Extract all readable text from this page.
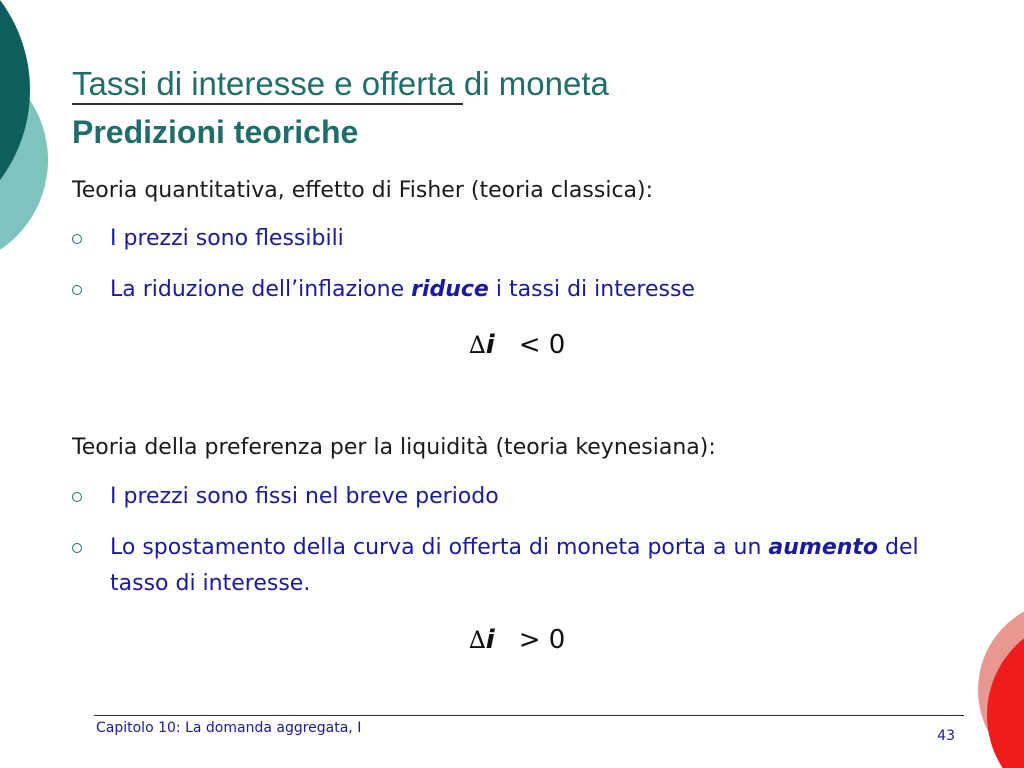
Tassi di interesse e offerta di moneta
Predizioni teoriche

Teoria quantitativa, effetto di Fisher (teoria classica):

I prezzi sono flessibili
La riduzione dell’inflazione riduce i tassi di interesse
∆i < 0

Teoria della preferenza per la liquidità (teoria keynesiana):

I prezzi sono fissi nel breve periodo
Lo spostamento della curva di offerta di moneta porta a un aumento del tasso di interesse.
∆i > 0
Capitolo 10: La domanda aggregata, I	43
